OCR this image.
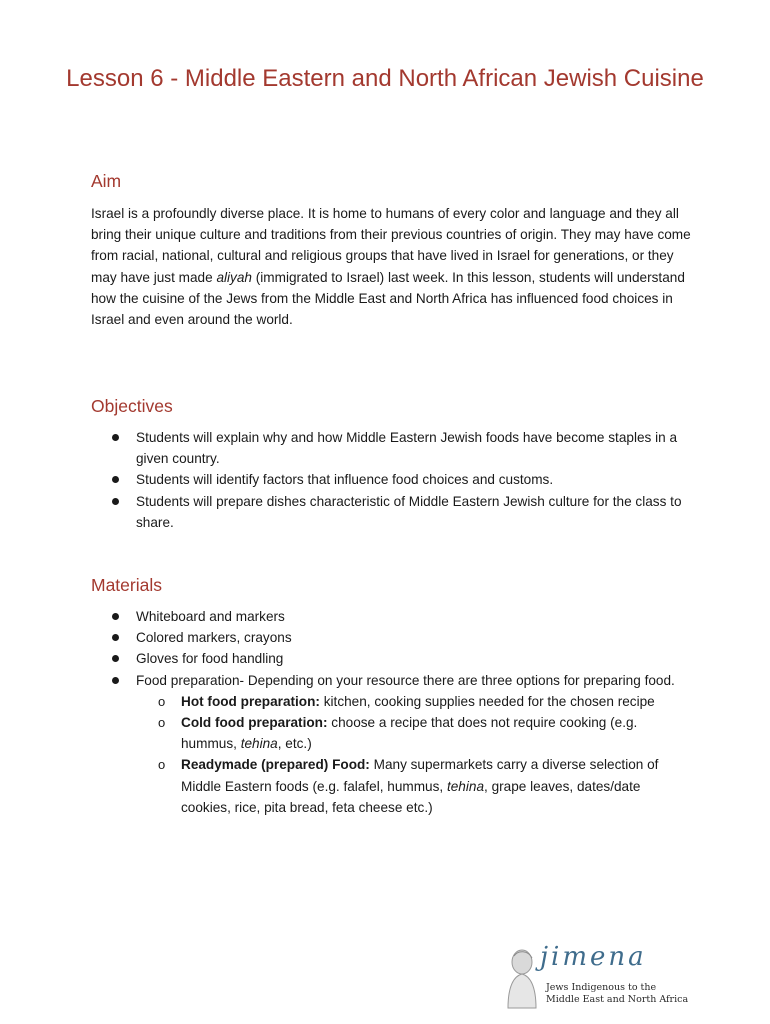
Lesson 6 - Middle Eastern and North African Jewish Cuisine
Aim
Israel is a profoundly diverse place. It is home to humans of every color and language and they all bring their unique culture and traditions from their previous countries of origin. They may have come from racial, national, cultural and religious groups that have lived in Israel for generations, or they may have just made aliyah (immigrated to Israel) last week. In this lesson, students will understand how the cuisine of the Jews from the Middle East and North Africa has influenced food choices in Israel and even around the world.
Objectives
Students will explain why and how Middle Eastern Jewish foods have become staples in a given country.
Students will identify factors that influence food choices and customs.
Students will prepare dishes characteristic of Middle Eastern Jewish culture for the class to share.
Materials
Whiteboard and markers
Colored markers, crayons
Gloves for food handling
Food preparation- Depending on your resource there are three options for preparing food.
o Hot food preparation: kitchen, cooking supplies needed for the chosen recipe
o Cold food preparation: choose a recipe that does not require cooking (e.g. hummus, tehina, etc.)
o Readymade (prepared) Food: Many supermarkets carry a diverse selection of Middle Eastern foods (e.g. falafel, hummus, tehina, grape leaves, dates/date cookies, rice, pita bread, feta cheese etc.)
jimena
Jews Indigenous to the
Middle East and North Africa
